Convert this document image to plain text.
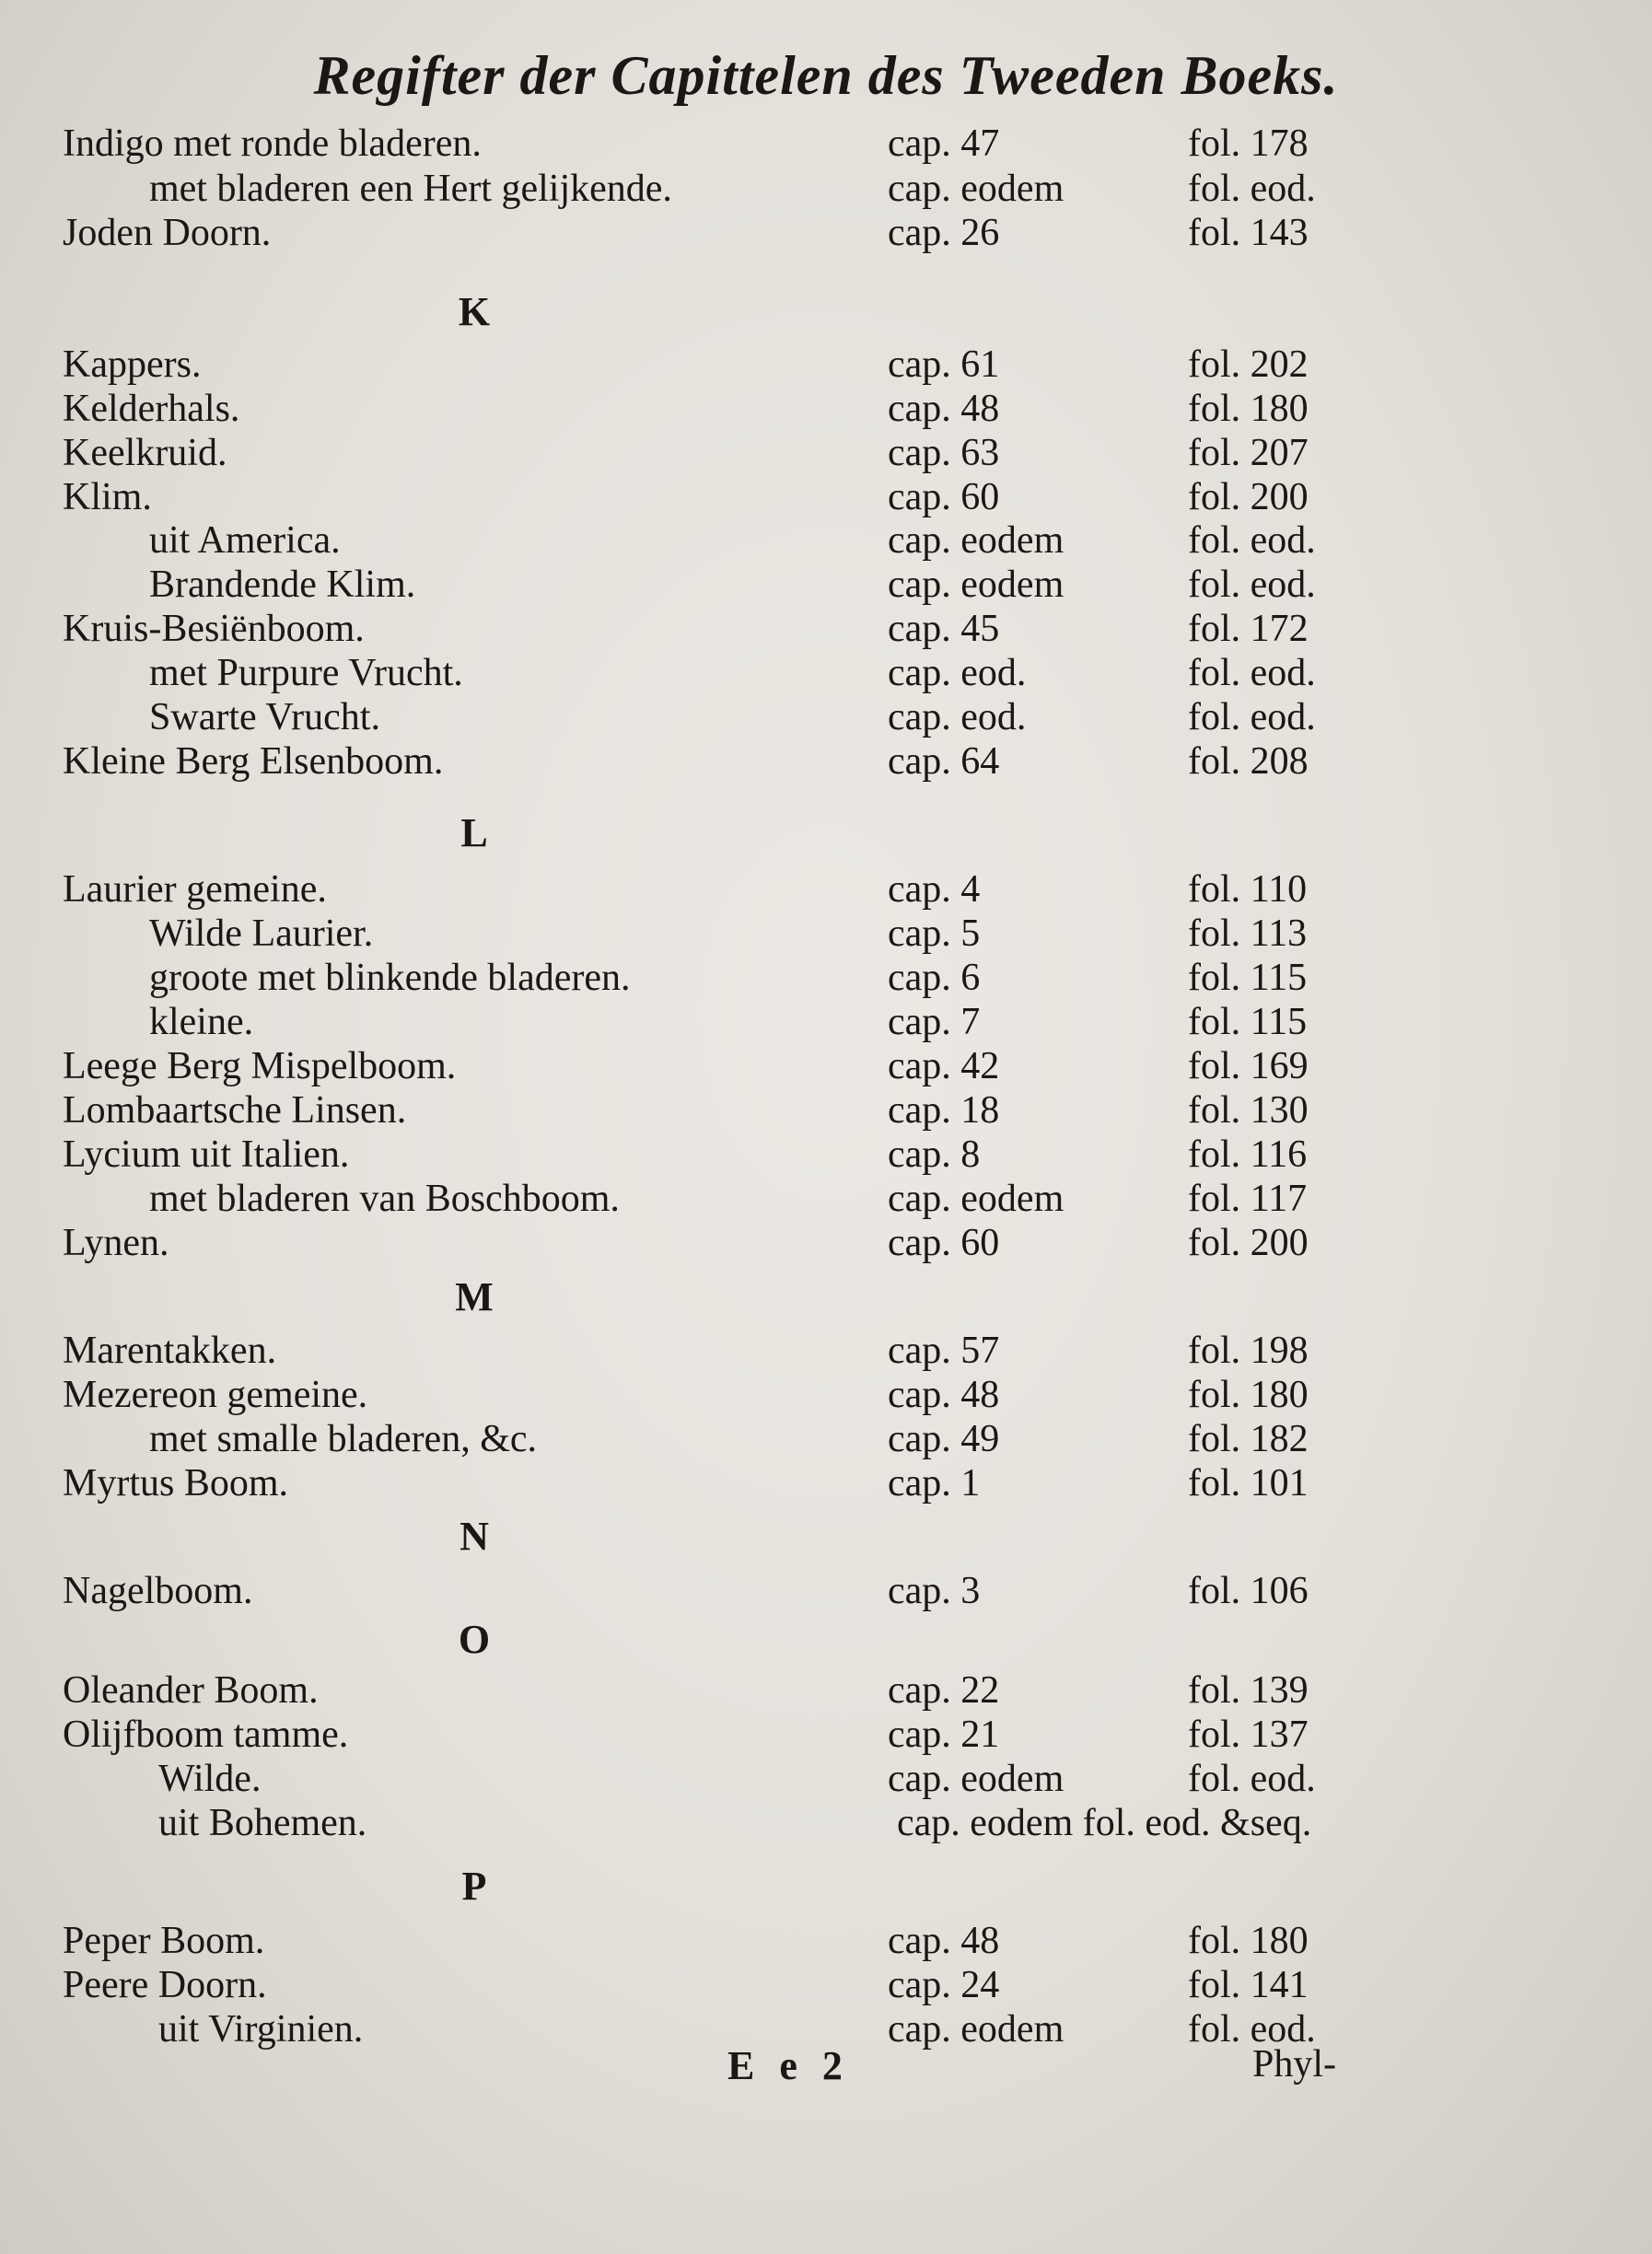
Regifter der Capittelen des Tweeden Boeks.
Indigo met ronde bladeren.	cap. 47	fol. 178
met bladeren een Hert gelijkende.	cap. eodem	fol. eod.
Joden Doorn.	cap. 26	fol. 143
K
Kappers.	cap. 61	fol. 202
Kelderhals.	cap. 48	fol. 180
Keelkruid.	cap. 63	fol. 207
Klim.	cap. 60	fol. 200
uit America.	cap. eodem	fol. eod.
Brandende Klim.	cap. eodem	fol. eod.
Kruis-Besiënboom.	cap. 45	fol. 172
met Purpure Vrucht.	cap. eod.	fol. eod.
Swarte Vrucht.	cap. eod.	fol. eod.
Kleine Berg Elsenboom.	cap. 64	fol. 208
L
Laurier gemeine.	cap. 4	fol. 110
Wilde Laurier.	cap. 5	fol. 113
groote met blinkende bladeren.	cap. 6	fol. 115
kleine.	cap. 7	fol. 115
Leege Berg Mispelboom.	cap. 42	fol. 169
Lombaartsche Linsen.	cap. 18	fol. 130
Lycium uit Italien.	cap. 8	fol. 116
met bladeren van Boschboom.	cap. eodem	fol. 117
Lynen.	cap. 60	fol. 200
M
Marentakken.	cap. 57	fol. 198
Mezereon gemeine.	cap. 48	fol. 180
met smalle bladeren, &c.	cap. 49	fol. 182
Myrtus Boom.	cap. 1	fol. 101
N
Nagelboom.	cap. 3	fol. 106
O
Oleander Boom.	cap. 22	fol. 139
Olijfboom tamme.	cap. 21	fol. 137
Wilde.	cap. eodem	fol. eod.
uit Bohemen.	cap. eodem fol. eod. &seq.
P
Peper Boom.	cap. 48	fol. 180
Peere Doorn.	cap. 24	fol. 141
uit Virginien.	cap. eodem	fol. eod.
E e 2	Phyl-
